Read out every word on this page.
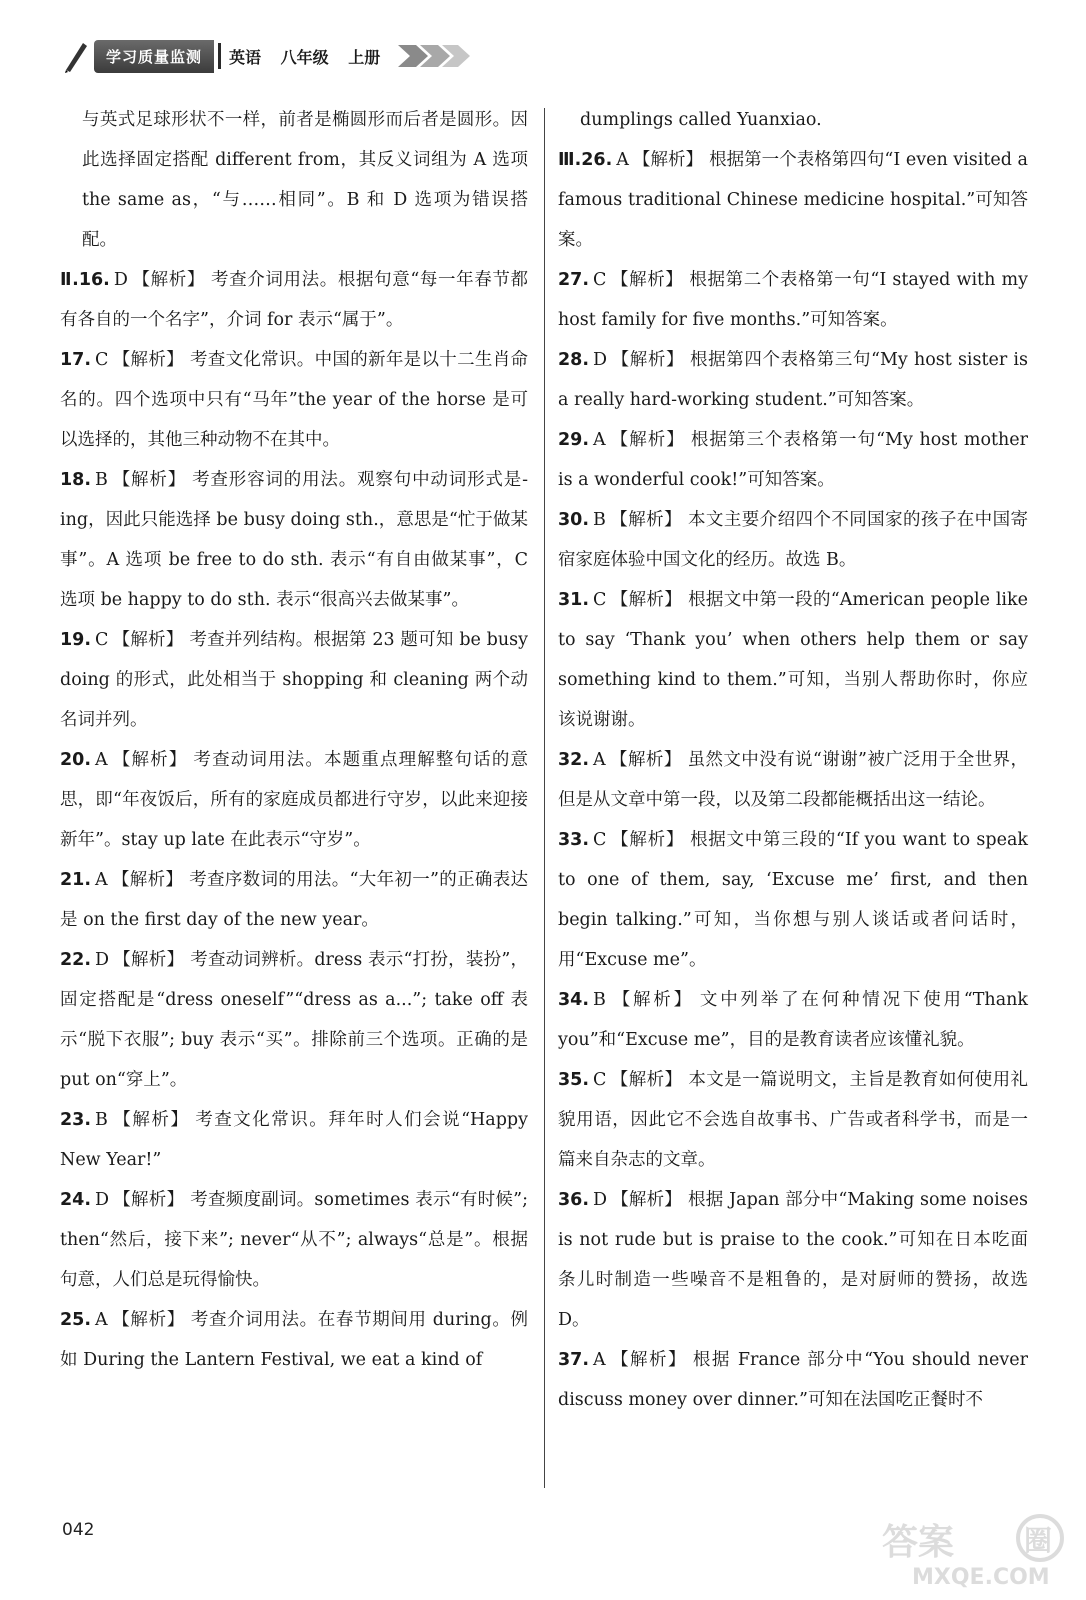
学习质量监测	英语 八年级 上册

与英式足球形状不一样，前者是椭圆形而后者是圆形。因此选择固定搭配 different from，其反义词组为 A 选项 the same as，“与……相同”。B 和 D 选项为错误搭配。

Ⅱ.16. D 【解析】 考查介词用法。根据句意“每一年春节都有各自的一个名字”，介词 for 表示“属于”。

17. C 【解析】 考查文化常识。中国的新年是以十二生肖命名的。四个选项中只有“马年”the year of the horse 是可以选择的，其他三种动物不在其中。

18. B 【解析】 考查形容词的用法。观察句中动词形式是-ing，因此只能选择 be busy doing sth.，意思是“忙于做某事”。A 选项 be free to do sth. 表示“有自由做某事”，C 选项 be happy to do sth. 表示“很高兴去做某事”。

19. C 【解析】 考查并列结构。根据第 23 题可知 be busy doing 的形式，此处相当于 shopping 和 cleaning 两个动名词并列。

20. A 【解析】 考查动词用法。本题重点理解整句话的意思，即“年夜饭后，所有的家庭成员都进行守岁，以此来迎接新年”。stay up late 在此表示“守岁”。

21. A 【解析】 考查序数词的用法。“大年初一”的正确表达是 on the first day of the new year。

22. D 【解析】 考查动词辨析。dress 表示“打扮，装扮”，固定搭配是“dress oneself”“dress as a...”; take off 表示“脱下衣服”; buy 表示“买”。排除前三个选项。正确的是 put on“穿上”。

23. B 【解析】 考查文化常识。拜年时人们会说“Happy New Year!”

24. D 【解析】 考查频度副词。sometimes 表示“有时候”; then“然后，接下来”; never“从不”; always“总是”。根据句意，人们总是玩得愉快。

25. A 【解析】 考查介词用法。在春节期间用 during。例如 During the Lantern Festival, we eat a kind of

dumplings called Yuanxiao.

Ⅲ.26. A 【解析】 根据第一个表格第四句“I even visited a famous traditional Chinese medicine hospital.”可知答案。

27. C 【解析】 根据第二个表格第一句“I stayed with my host family for five months.”可知答案。

28. D 【解析】 根据第四个表格第三句“My host sister is a really hard-working student.”可知答案。

29. A 【解析】 根据第三个表格第一句“My host mother is a wonderful cook!”可知答案。

30. B 【解析】 本文主要介绍四个不同国家的孩子在中国寄宿家庭体验中国文化的经历。故选 B。

31. C 【解析】 根据文中第一段的“American people like to say ‘Thank you’ when others help them or say something kind to them.”可知，当别人帮助你时，你应该说谢谢。

32. A 【解析】 虽然文中没有说“谢谢”被广泛用于全世界，但是从文章中第一段，以及第二段都能概括出这一结论。

33. C 【解析】 根据文中第三段的“If you want to speak to one of them, say, ‘Excuse me’ first, and then begin talking.”可知，当你想与别人谈话或者问话时，用“Excuse me”。

34. B 【解析】 文中列举了在何种情况下使用“Thank you”和“Excuse me”，目的是教育读者应该懂礼貌。

35. C 【解析】 本文是一篇说明文，主旨是教育如何使用礼貌用语，因此它不会选自故事书、广告或者科学书，而是一篇来自杂志的文章。

36. D 【解析】 根据 Japan 部分中“Making some noises is not rude but is praise to the cook.”可知在日本吃面条儿时制造一些噪音不是粗鲁的，是对厨师的赞扬，故选 D。

37. A 【解析】 根据 France 部分中“You should never discuss money over dinner.”可知在法国吃正餐时不

042	答案 圈
MXQE.COM
